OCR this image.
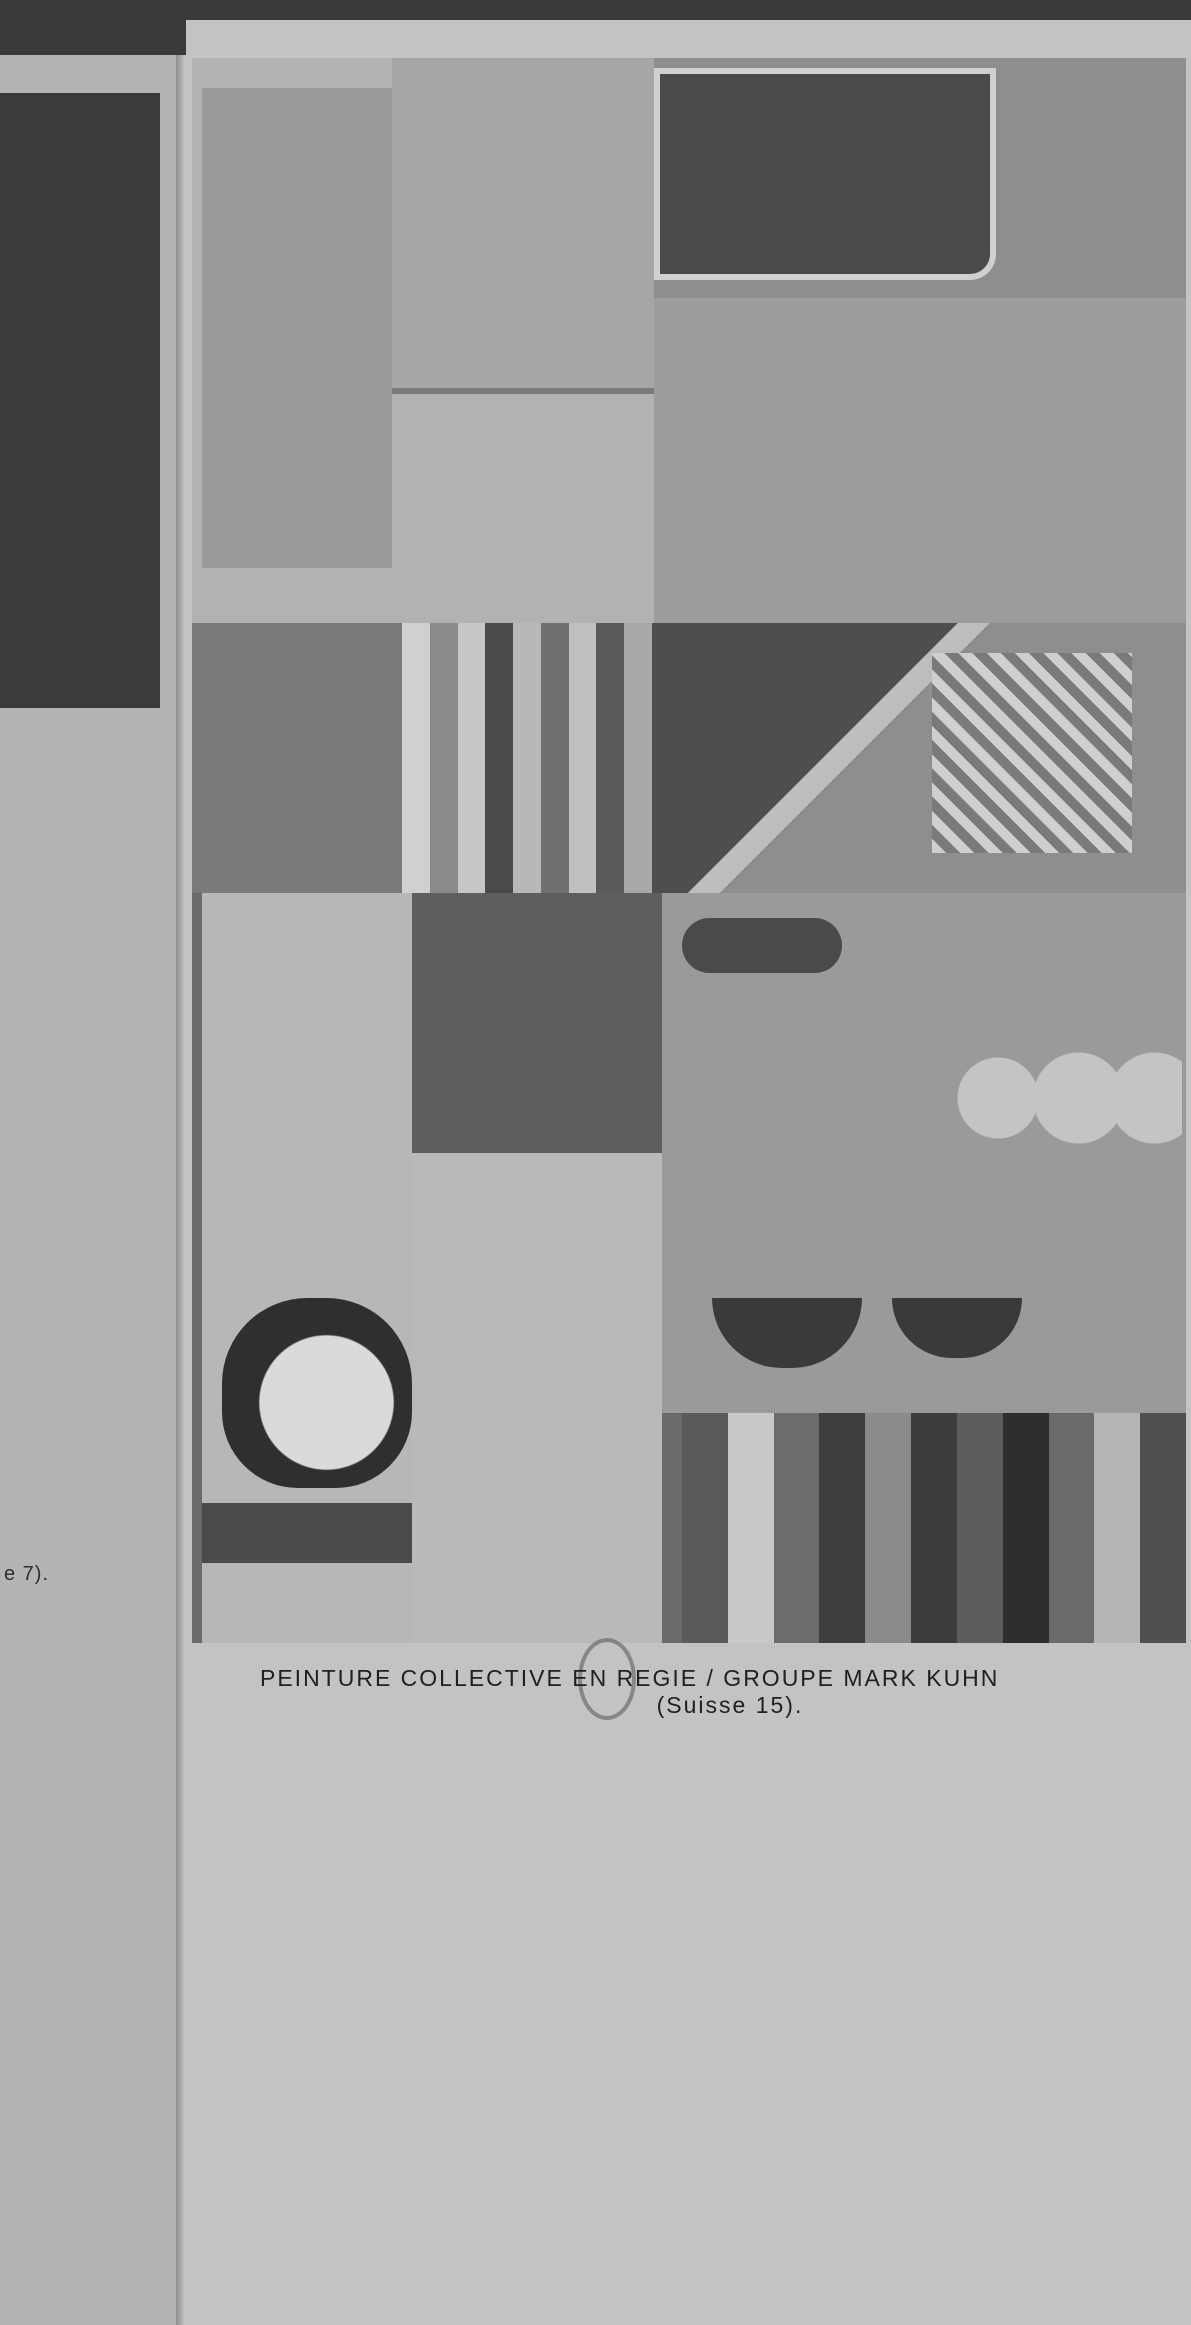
e 7).
PEINTURE COLLECTIVE EN REGIE / GROUPE MARK KUHN
(Suisse 15).
